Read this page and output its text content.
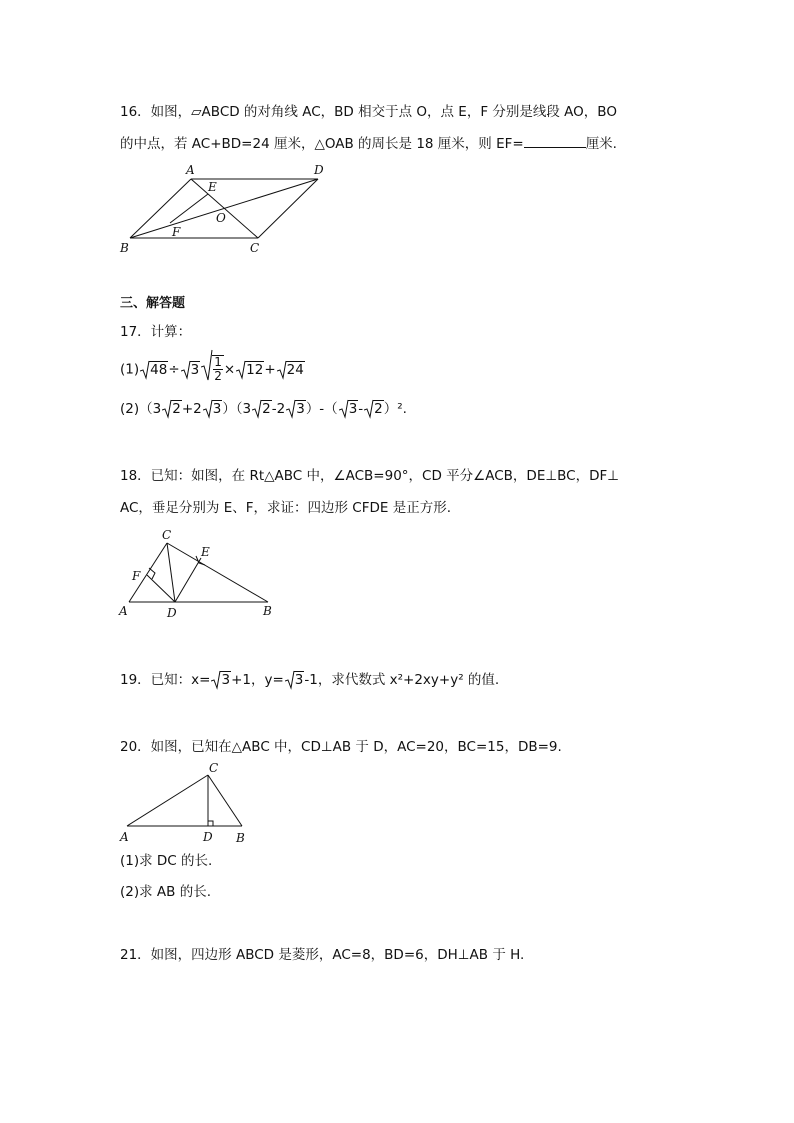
16．如图，▱ABCD 的对角线 AC，BD 相交于点 O，点 E，F 分别是线段 AO，BO
的中点，若 AC+BD=24 厘米，△OAB 的周长是 18 厘米，则 EF=	厘米.
A	D
E
O
F
B	C
三、解答题
17．计算：
(1) $48\div 3 \frac{1}{2} \times 12+ 24$
(2)（3 2+2 3）（3 2-2 3）-（ 3- 2）².
18．已知：如图，在 Rt△ABC 中，∠ACB=90°，CD 平分∠ACB，DE⊥BC，DF⊥
AC，垂足分别为 E、F，求证：四边形 CFDE 是正方形.
C
E
F
A	D	B
19．已知：x= 3+1，y= 3-1，求代数式 x²+2xy+y² 的值.
20．如图，已知在△ABC 中，CD⊥AB 于 D，AC=20，BC=15，DB=9.
C
A	D B
(1)求 DC 的长.
(2)求 AB 的长.
21．如图，四边形 ABCD 是菱形，AC=8，BD=6，DH⊥AB 于 H.
